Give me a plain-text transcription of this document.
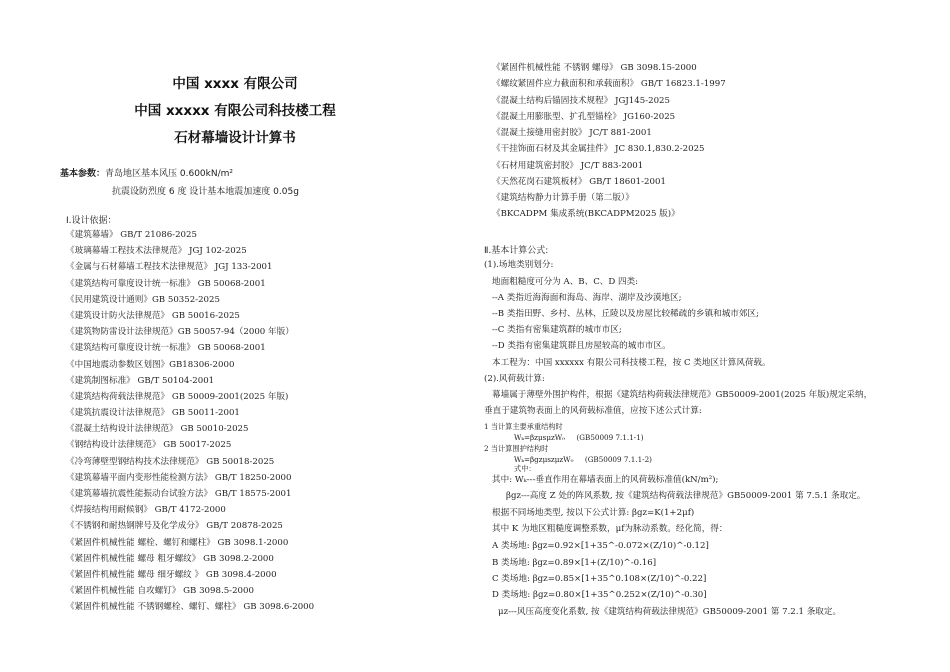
中国 xxxx 有限公司
中国 xxxxx 有限公司科技楼工程
石材幕墙设计计算书
基本参数：青岛地区基本风压 0.600kN/m²
抗震设防烈度 6 度 设计基本地震加速度 0.05g
Ⅰ.设计依据：
《建筑幕墙》 GB/T 21086-2025
《玻璃幕墙工程技术法律规范》 JGJ 102-2025
《金属与石材幕墙工程技术法律规范》 JGJ 133-2001
《建筑结构可靠度设计统一标准》 GB 50068-2001
《民用建筑设计通则》GB 50352-2025
《建筑设计防火法律规范》 GB 50016-2025
《建筑物防雷设计法律规范》GB 50057-94（2000 年版）
《建筑结构可靠度设计统一标准》 GB 50068-2001
《中国地震动参数区划图》GB18306-2000
《建筑制图标准》 GB/T 50104-2001
《建筑结构荷载法律规范》 GB 50009-2001(2025 年版)
《建筑抗震设计法律规范》 GB 50011-2001
《混凝土结构设计法律规范》 GB 50010-2025
《钢结构设计法律规范》 GB 50017-2025
《冷弯薄壁型钢结构技术法律规范》 GB 50018-2025
《建筑幕墙平面内变形性能检测方法》 GB/T 18250-2000
《建筑幕墙抗震性能振动台试验方法》 GB/T 18575-2001
《焊接结构用耐候钢》 GB/T 4172-2000
《不锈钢和耐热钢牌号及化学成分》 GB/T 20878-2025
《紧固件机械性能 螺栓、螺钉和螺柱》 GB 3098.1-2000
《紧固件机械性能 螺母 粗牙螺纹》 GB 3098.2-2000
《紧固件机械性能 螺母 细牙螺纹 》 GB 3098.4-2000
《紧固件机械性能 自攻螺钉》 GB 3098.5-2000
《紧固件机械性能 不锈钢螺栓、螺钉、螺柱》 GB 3098.6-2000
《紧固件机械性能 不锈钢 螺母》 GB 3098.15-2000
《螺纹紧固件应力截面积和承载面积》 GB/T 16823.1-1997
《混凝土结构后锚固技术规程》 JGJ145-2025
《混凝土用膨胀型、扩孔型锚栓》 JG160-2025
《混凝土接缝用密封胶》 JC/T 881-2001
《干挂饰面石材及其金属挂件》 JC 830.1,830.2-2025
《石材用建筑密封胶》 JC/T 883-2001
《天然花岗石建筑板材》 GB/T 18601-2001
《建筑结构静力计算手册（第二版）》
《BKCADPM 集成系统(BKCADPM2025 版)》
Ⅱ.基本计算公式:
(1).场地类别划分:
地面粗糙度可分为 A、B、C、D 四类:
--A 类指近海海面和海岛、海岸、湖岸及沙漠地区;
--B 类指田野、乡村、丛林、丘陵以及房屋比较稀疏的乡镇和城市郊区;
--C 类指有密集建筑群的城市市区;
--D 类指有密集建筑群且房屋较高的城市市区。
本工程为：中国 xxxxxx 有限公司科技楼工程，按 C 类地区计算风荷载。
(2).风荷载计算:
幕墙属于薄壁外围护构件，根据《建筑结构荷载法律规范》GB50009-2001(2025 年版)规定采纳，
垂直于建筑物表面上的风荷载标准值，应按下述公式计算:
1 当计算主要承重结构时
Wₖ=βzμsμzW₀ (GB50009 7.1.1-1)
2 当计算围护结构时
Wₖ=βgzμszμzW₀ (GB50009 7.1.1-2)
式中：
其中: Wₖ---垂直作用在幕墙表面上的风荷载标准值(kN/m²);
βgz---高度 Z 处的阵风系数, 按《建筑结构荷载法律规范》GB50009-2001 第 7.5.1 条取定。
根据不同场地类型, 按以下公式计算: βgz=K(1+2μf)
其中 K 为地区粗糙度调整系数，μf为脉动系数。经化简，得：
A 类场地: βgz=0.92×[1+35^-0.072×(Z/10)^-0.12]
B 类场地: βgz=0.89×[1+(Z/10)^-0.16]
C 类场地: βgz=0.85×[1+35^0.108×(Z/10)^-0.22]
D 类场地: βgz=0.80×[1+35^0.252×(Z/10)^-0.30]
μz---风压高度变化系数, 按《建筑结构荷载法律规范》GB50009-2001 第 7.2.1 条取定。
